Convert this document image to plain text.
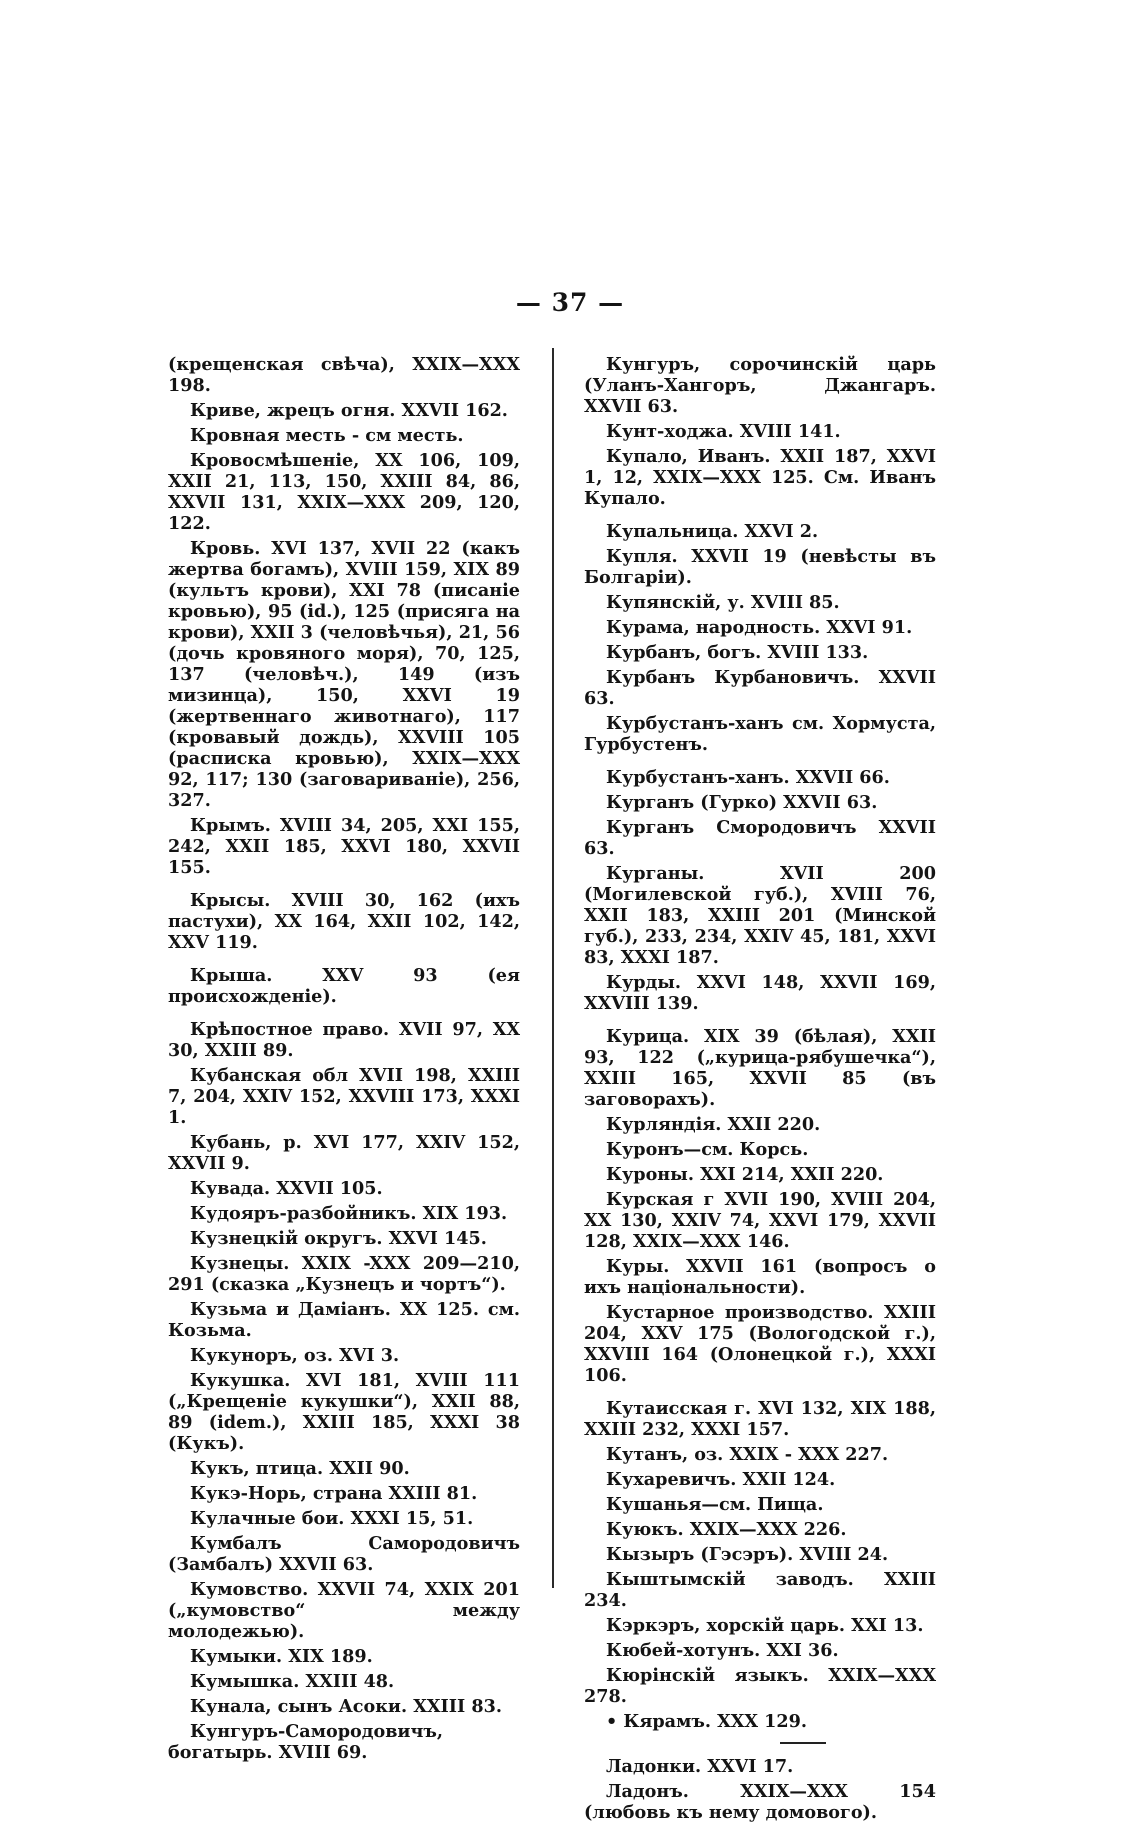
— 37 —
(крещенская свѣча), XXIX—XXX 198.
Криве, жрецъ огня. XXVII 162.
Кровная месть - см месть.
Кровосмѣшеніе, XX 106, 109, XXII 21, 113, 150, XXIII 84, 86, XXVII 131, XXIX—XXX 209, 120, 122.
Кровь. XVI 137, XVII 22 (какъ жертва богамъ), XVIII 159, XIX 89 (культъ крови), XXI 78 (писаніе кровью), 95 (id.), 125 (присяга на крови), XXII 3 (человѣчья), 21, 56 (дочь кровяного моря), 70, 125, 137 (человѣч.), 149 (изъ мизинца), 150, XXVI 19 (жертвеннаго животнаго), 117 (кровавый дождь), XXVIII 105 (расписка кровью), XXIX—XXX 92, 117; 130 (заговариваніе), 256, 327.
Крымъ. XVIII 34, 205, XXI 155, 242, XXII 185, XXVI 180, XXVII 155.
Крысы. XVIII 30, 162 (ихъ пастухи), XX 164, XXII 102, 142, XXV 119.
Крыша. XXV 93 (ея происхожденіе).
Крѣпостное право. XVII 97, XX 30, XXIII 89.
Кубанская обл XVII 198, XXIII 7, 204, XXIV 152, XXVIII 173, XXXI 1.
Кубань, р. XVI 177, XXIV 152, XXVII 9.
Кувада. XXVII 105.
Кудояръ-разбойникъ. XIX 193.
Кузнецкій округъ. XXVI 145.
Кузнецы. XXIX -XXX 209—210, 291 (сказка „Кузнецъ и чортъ“).
Кузьма и Даміанъ. XX 125. см. Козьма.
Кукуноръ, оз. XVI 3.
Кукушка. XVI 181, XVIII 111 („Крещеніе кукушки“), XXII 88, 89 (idem.), XXIII 185, XXXI 38 (Кукъ).
Кукъ, птица. XXII 90.
Кукэ-Норь, страна XXIII 81.
Кулачные бои. XXXI 15, 51.
Кумбалъ Самородовичъ (Замбалъ) XXVII 63.
Кумовство. XXVII 74, XXIX 201 („кумовство“ между молодежью).
Кумыки. XIX 189.
Кумышка. XXIII 48.
Кунала, сынъ Асоки. XXIII 83.
Кунгуръ-Самородовичъ, богатырь. XVIII 69.
Кунгуръ, сорочинскій царь (Уланъ-Хангоръ, Джангаръ. XXVII 63.
Кунт-ходжа. XVIII 141.
Купало, Иванъ. XXII 187, XXVI 1, 12, XXIX—XXX 125. См. Иванъ Купало.
Купальница. XXVI 2.
Купля. XXVII 19 (невѣсты въ Болгаріи).
Купянскій, у. XVIII 85.
Курама, народность. XXVI 91.
Курбанъ, богъ. XVIII 133.
Курбанъ Курбановичъ. XXVII 63.
Курбустанъ-ханъ см. Хормуста, Гурбустенъ.
Курбустанъ-ханъ. XXVII 66.
Курганъ (Гурко) XXVII 63.
Курганъ Смородовичъ XXVII 63.
Курганы. XVII 200 (Могилевской губ.), XVIII 76, XXII 183, XXIII 201 (Минской губ.), 233, 234, XXIV 45, 181, XXVI 83, XXXI 187.
Курды. XXVI 148, XXVII 169, XXVIII 139.
Курица. XIX 39 (бѣлая), XXII 93, 122 („курица-рябушечка“), XXIII 165, XXVII 85 (въ заговорахъ).
Курляндія. XXII 220.
Куронъ—см. Корсь.
Куроны. XXI 214, XXII 220.
Курская г XVII 190, XVIII 204, XX 130, XXIV 74, XXVI 179, XXVII 128, XXIX—XXX 146.
Куры. XXVII 161 (вопросъ о ихъ національности).
Кустарное производство. XXIII 204, XXV 175 (Вологодской г.), XXVIII 164 (Олонецкой г.), XXXI 106.
Кутаисская г. XVI 132, XIX 188, XXIII 232, XXXI 157.
Кутанъ, оз. XXIX - XXX 227.
Кухаревичъ. XXII 124.
Кушанья—см. Пища.
Куюкъ. XXIX—XXX 226.
Кызыръ (Гэсэръ). XVIII 24.
Кыштымскій заводъ. XXIII 234.
Кэркэръ, хорскій царь. XXI 13.
Кюбей-хотунъ. XXI 36.
Кюрінскій языкъ. XXIX—XXX 278.
• Кярамъ. XXX 129.
Ладонки. XXVI 17.
Ладонъ. XXIX—XXX 154 (любовь къ нему домового).
